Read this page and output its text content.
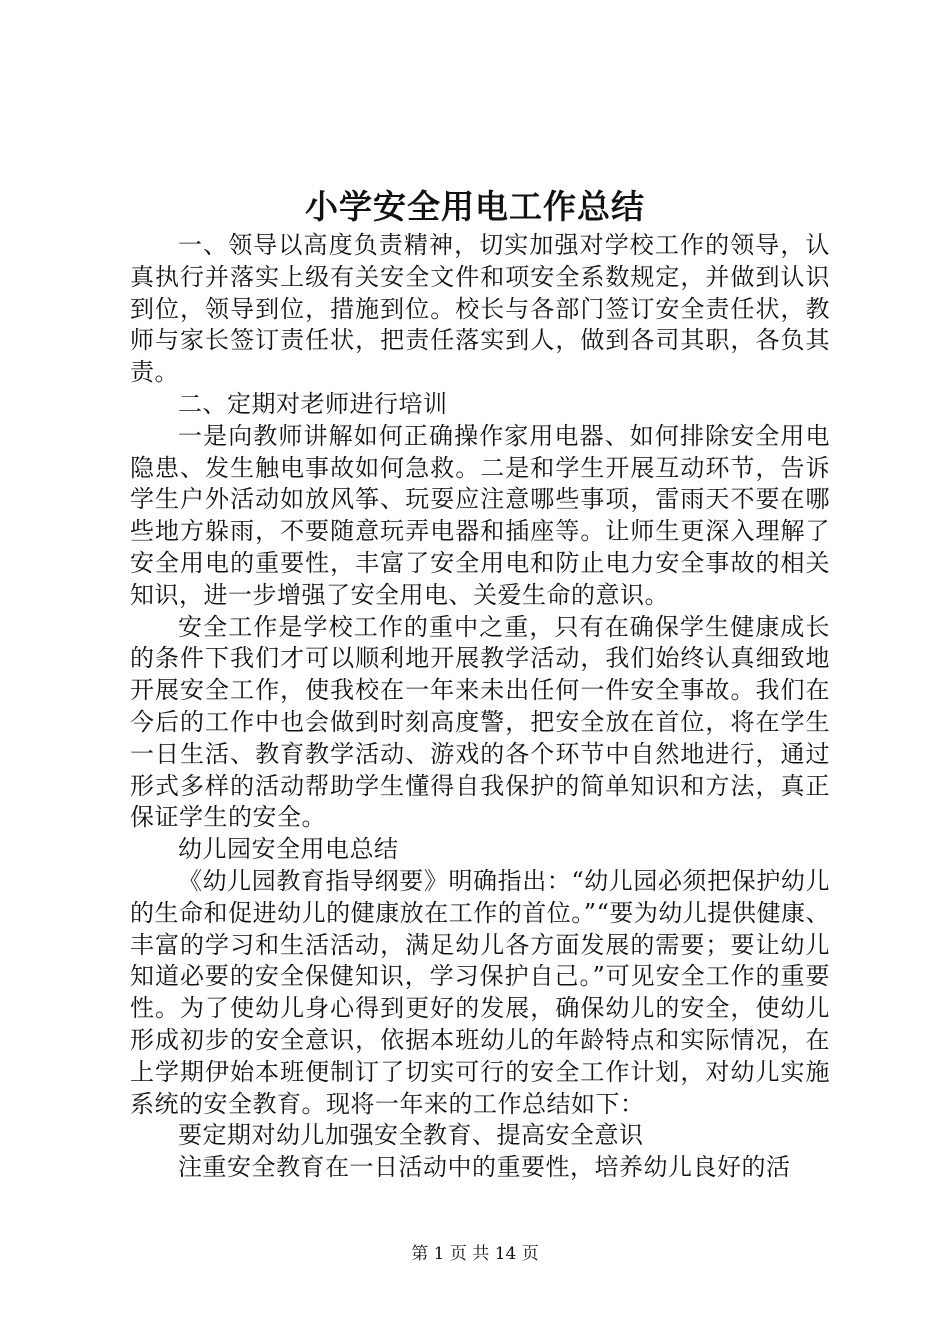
小学安全用电工作总结

一、领导以高度负责精神，切实加强对学校工作的领导，认真执行并落实上级有关安全文件和项安全系数规定，并做到认识到位，领导到位，措施到位。校长与各部门签订安全责任状，教师与家长签订责任状，把责任落实到人，做到各司其职，各负其责。

二、定期对老师进行培训

一是向教师讲解如何正确操作家用电器、如何排除安全用电隐患、发生触电事故如何急救。二是和学生开展互动环节，告诉学生户外活动如放风筝、玩耍应注意哪些事项，雷雨天不要在哪些地方躲雨，不要随意玩弄电器和插座等。让师生更深入理解了安全用电的重要性，丰富了安全用电和防止电力安全事故的相关知识，进一步增强了安全用电、关爱生命的意识。

安全工作是学校工作的重中之重，只有在确保学生健康成长的条件下我们才可以顺利地开展教学活动，我们始终认真细致地开展安全工作，使我校在一年来未出任何一件安全事故。我们在今后的工作中也会做到时刻高度警，把安全放在首位，将在学生一日生活、教育教学活动、游戏的各个环节中自然地进行，通过形式多样的活动帮助学生懂得自我保护的简单知识和方法，真正保证学生的安全。

幼儿园安全用电总结

《幼儿园教育指导纲要》明确指出：“幼儿园必须把保护幼儿的生命和促进幼儿的健康放在工作的首位。”“要为幼儿提供健康、丰富的学习和生活活动，满足幼儿各方面发展的需要；要让幼儿知道必要的安全保健知识，学习保护自己。”可见安全工作的重要性。为了使幼儿身心得到更好的发展，确保幼儿的安全，使幼儿形成初步的安全意识，依据本班幼儿的年龄特点和实际情况，在上学期伊始本班便制订了切实可行的安全工作计划，对幼儿实施系统的安全教育。现将一年来的工作总结如下：

要定期对幼儿加强安全教育、提高安全意识

注重安全教育在一日活动中的重要性，培养幼儿良好的活

第 1 页 共 14 页
